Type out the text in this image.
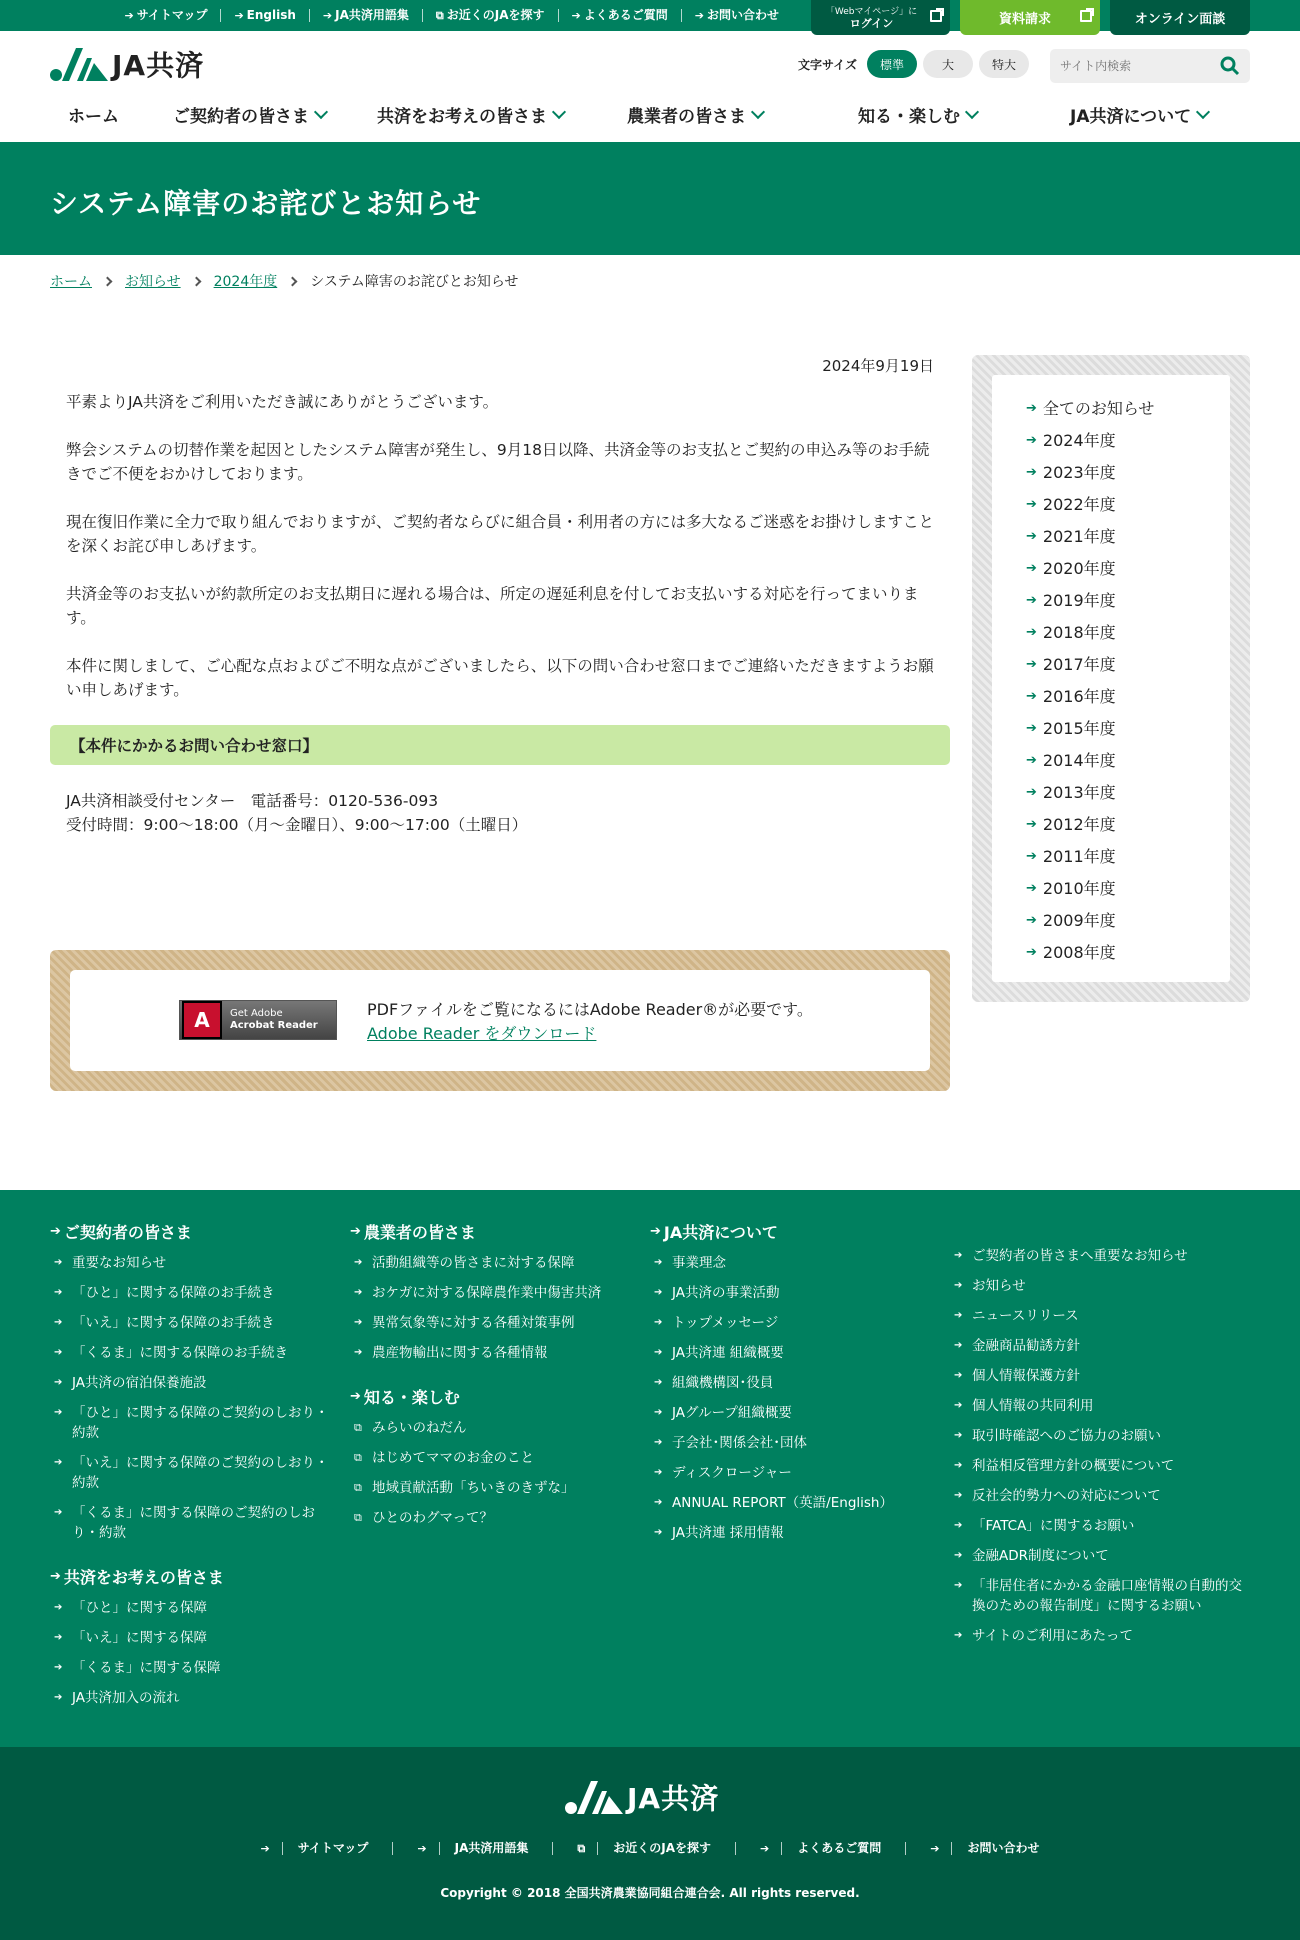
➔ サイトマップ	➔ English	➔ JA共済用語集	⧉ お近くのJAを探す	➔ よくあるご質問	➔ お問い合わせ	「Webマイページ」に
ログイン	資料請求	オンライン面談
JA共済	文字サイズ	標準	大	特大
サイト内検索
ホーム	ご契約者の皆さま	共済をお考えの皆さま	農業者の皆さま	知る・楽しむ	JA共済について
システム障害のお詫びとお知らせ
ホーム お知らせ 2024年度 システム障害のお詫びとお知らせ
2024年9月19日

平素よりJA共済をご利用いただき誠にありがとうございます。

弊会システムの切替作業を起因としたシステム障害が発生し、9月18日以降、共済金等のお支払とご契約の申込み等のお手続きでご不便をおかけしております。

現在復旧作業に全力で取り組んでおりますが、ご契約者ならびに組合員・利用者の方には多大なるご迷惑をお掛けしますことを深くお詫び申しあげます。

共済金等のお支払いが約款所定のお支払期日に遅れる場合は、所定の遅延利息を付してお支払いする対応を行ってまいります。

本件に関しまして、ご心配な点およびご不明な点がございましたら、以下の問い合わせ窓口までご連絡いただきますようお願い申しあげます。

【本件にかかるお問い合わせ窓口】
JA共済相談受付センター　電話番号：0120-536-093
受付時間：9:00～18:00（月～金曜日）、9:00～17:00（土曜日）
A	Get Adobe
Acrobat Reader
PDFファイルをご覧になるにはAdobe Reader®が必要です。
Adobe Reader をダウンロード
➔ 全てのお知らせ
➔ 2024年度
➔ 2023年度
➔ 2022年度
➔ 2021年度
➔ 2020年度
➔ 2019年度
➔ 2018年度
➔ 2017年度
➔ 2016年度
➔ 2015年度
➔ 2014年度
➔ 2013年度
➔ 2012年度
➔ 2011年度
➔ 2010年度
➔ 2009年度
➔ 2008年度
➔ ご契約者の皆さま
➔ 重要なお知らせ
➔ 「ひと」に関する保障のお手続き
➔ 「いえ」に関する保障のお手続き
➔ 「くるま」に関する保障のお手続き
➔ JA共済の宿泊保養施設
➔ 「ひと」に関する保障のご契約のしおり・約款
➔ 「いえ」に関する保障のご契約のしおり・約款
➔ 「くるま」に関する保障のご契約のしおり・約款
➔ 共済をお考えの皆さま
➔ 「ひと」に関する保障
➔ 「いえ」に関する保障
➔ 「くるま」に関する保障
➔ JA共済加入の流れ
➔ 農業者の皆さま
➔ 活動組織等の皆さまに対する保障
➔ おケガに対する保障農作業中傷害共済
➔ 異常気象等に対する各種対策事例
➔ 農産物輸出に関する各種情報
➔ 知る・楽しむ
⧉ みらいのねだん
⧉ はじめてママのお金のこと
⧉ 地域貢献活動「ちいきのきずな」
⧉ ひとのわグマって？
➔ JA共済について
➔ 事業理念
➔ JA共済の事業活動
➔ トップメッセージ
➔ JA共済連 組織概要
➔ 組織機構図･役員
➔ JAグループ組織概要
➔ 子会社･関係会社･団体
➔ ディスクロージャー
➔ ANNUAL REPORT（英語/English）
➔ JA共済連 採用情報
➔ ご契約者の皆さまへ重要なお知らせ
➔ お知らせ
➔ ニュースリリース
➔ 金融商品勧誘方針
➔ 個人情報保護方針
➔ 個人情報の共同利用
➔ 取引時確認へのご協力のお願い
➔ 利益相反管理方針の概要について
➔ 反社会的勢力への対応について
➔ 「FATCA」に関するお願い
➔ 金融ADR制度について
➔ 「非居住者にかかる金融口座情報の自動的交換のための報告制度」に関するお願い
➔ サイトのご利用にあたって
JA共済
➔ サイトマップ	➔ JA共済用語集	⧉ お近くのJAを探す	➔ よくあるご質問	➔ お問い合わせ
Copyright © 2018 全国共済農業協同組合連合会. All rights reserved.
